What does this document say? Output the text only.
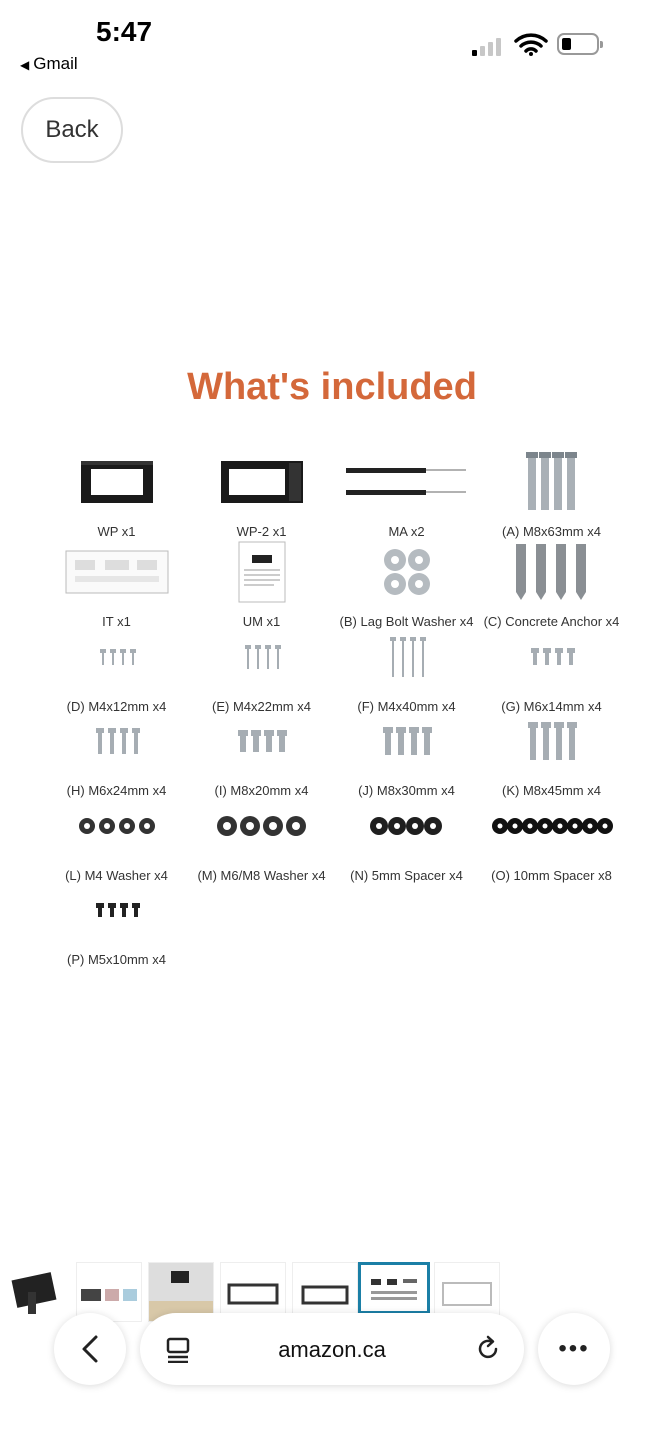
5:47
◀ Gmail
Back
What's included
WP x1	WP-2 x1	MA x2	(A) M8x63mm x4
IT x1	UM x1	(B) Lag Bolt Washer x4 (C) Concrete Anchor x4
(D) M4x12mm x4	(E) M4x22mm x4	(F) M4x40mm x4	(G) M6x14mm x4
(H) M6x24mm x4	(I) M8x20mm x4	(J) M8x30mm x4	(K) M8x45mm x4
(L) M4 Washer x4	(M) M6/M8 Washer x4	(N) 5mm Spacer x4	(O) 10mm Spacer x8
(P) M5x10mm x4
amazon.ca	•••
